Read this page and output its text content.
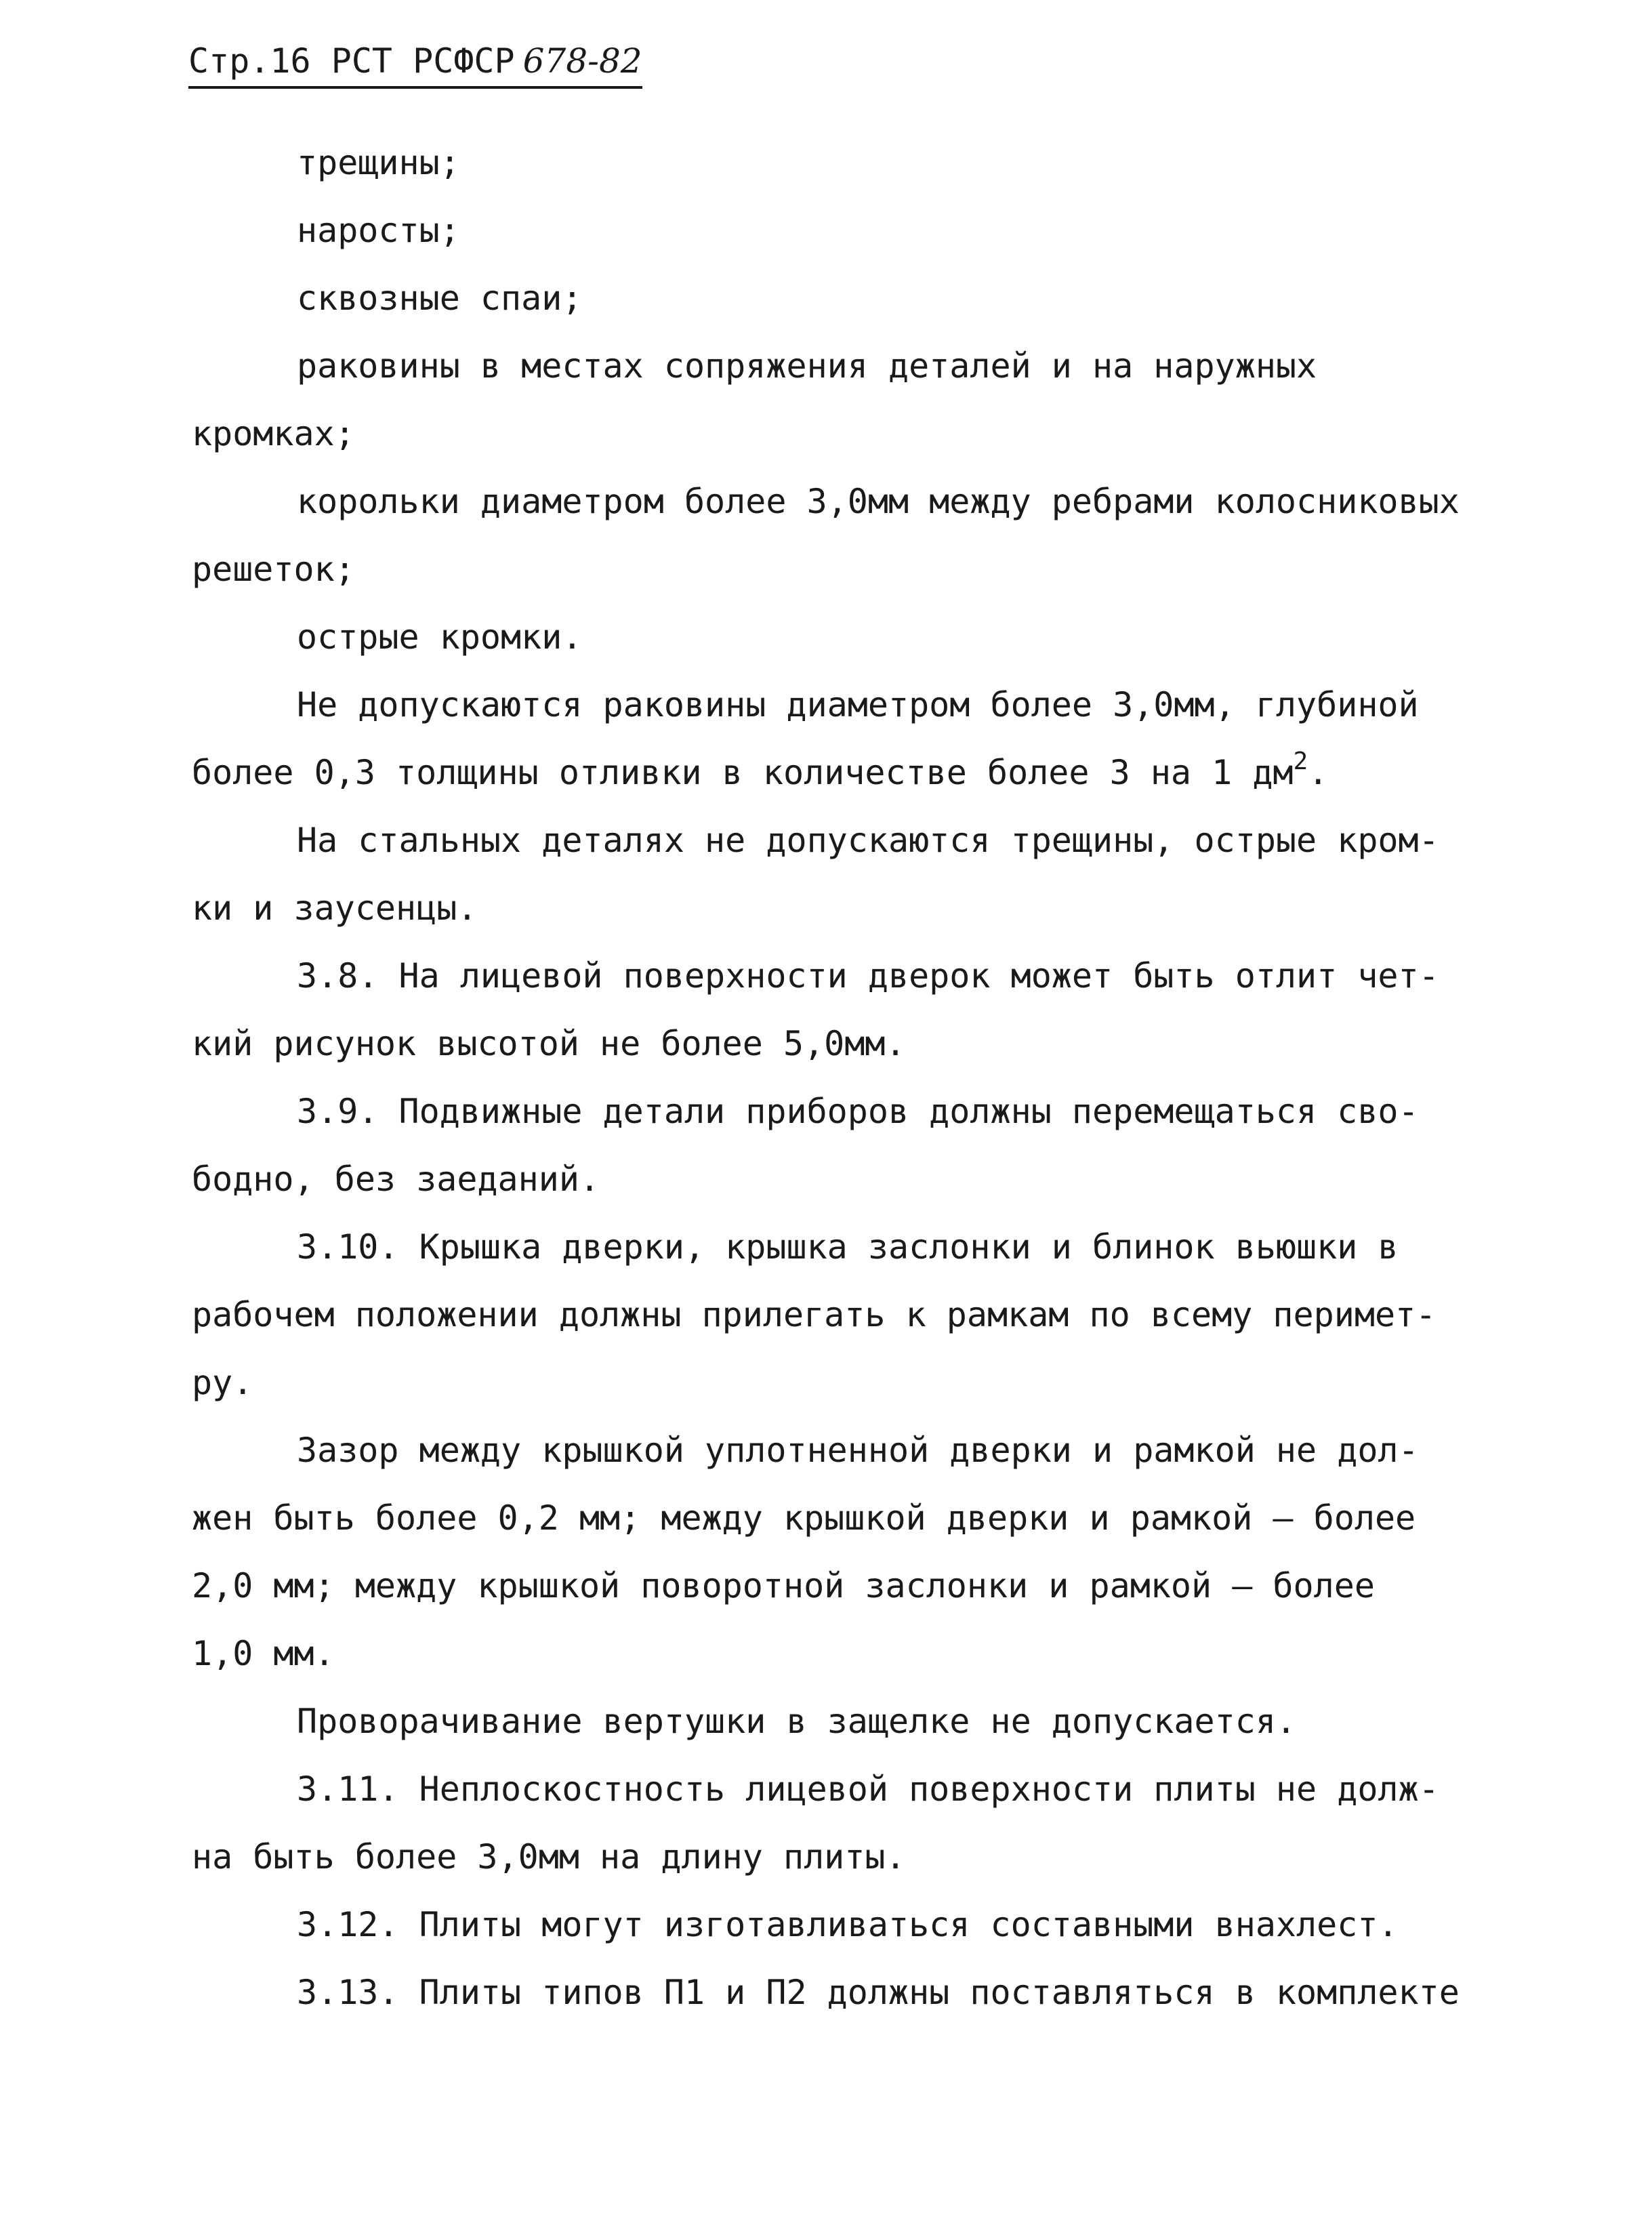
Стр.16 РСТ РСФСР 678-82
трещины;
наросты;
сквозные спаи;
раковины в местах сопряжения деталей и на наружных
кромках;
корольки диаметром более 3,0мм между ребрами колосниковых
решеток;
острые кромки.
Не допускаются раковины диаметром более 3,0мм, глубиной
более 0,3 толщины отливки в количестве более 3 на 1 $дм^2$.
На стальных деталях не допускаются трещины, острые кром-
ки и заусенцы.
3.8. На лицевой поверхности дверок может быть отлит чет-
кий рисунок высотой не более 5,0мм.
3.9. Подвижные детали приборов должны перемещаться сво-
бодно, без заеданий.
3.10. Крышка дверки, крышка заслонки и блинок вьюшки в
рабочем положении должны прилегать к рамкам по всему перимет-
ру.
Зазор между крышкой уплотненной дверки и рамкой не дол-
жен быть более 0,2 мм; между крышкой дверки и рамкой – более
2,0 мм; между крышкой поворотной заслонки и рамкой – более
1,0 мм.
Проворачивание вертушки в защелке не допускается.
3.11. Неплоскостность лицевой поверхности плиты не долж-
на быть более 3,0мм на длину плиты.
3.12. Плиты могут изготавливаться составными внахлест.
3.13. Плиты типов П1 и П2 должны поставляться в комплекте
